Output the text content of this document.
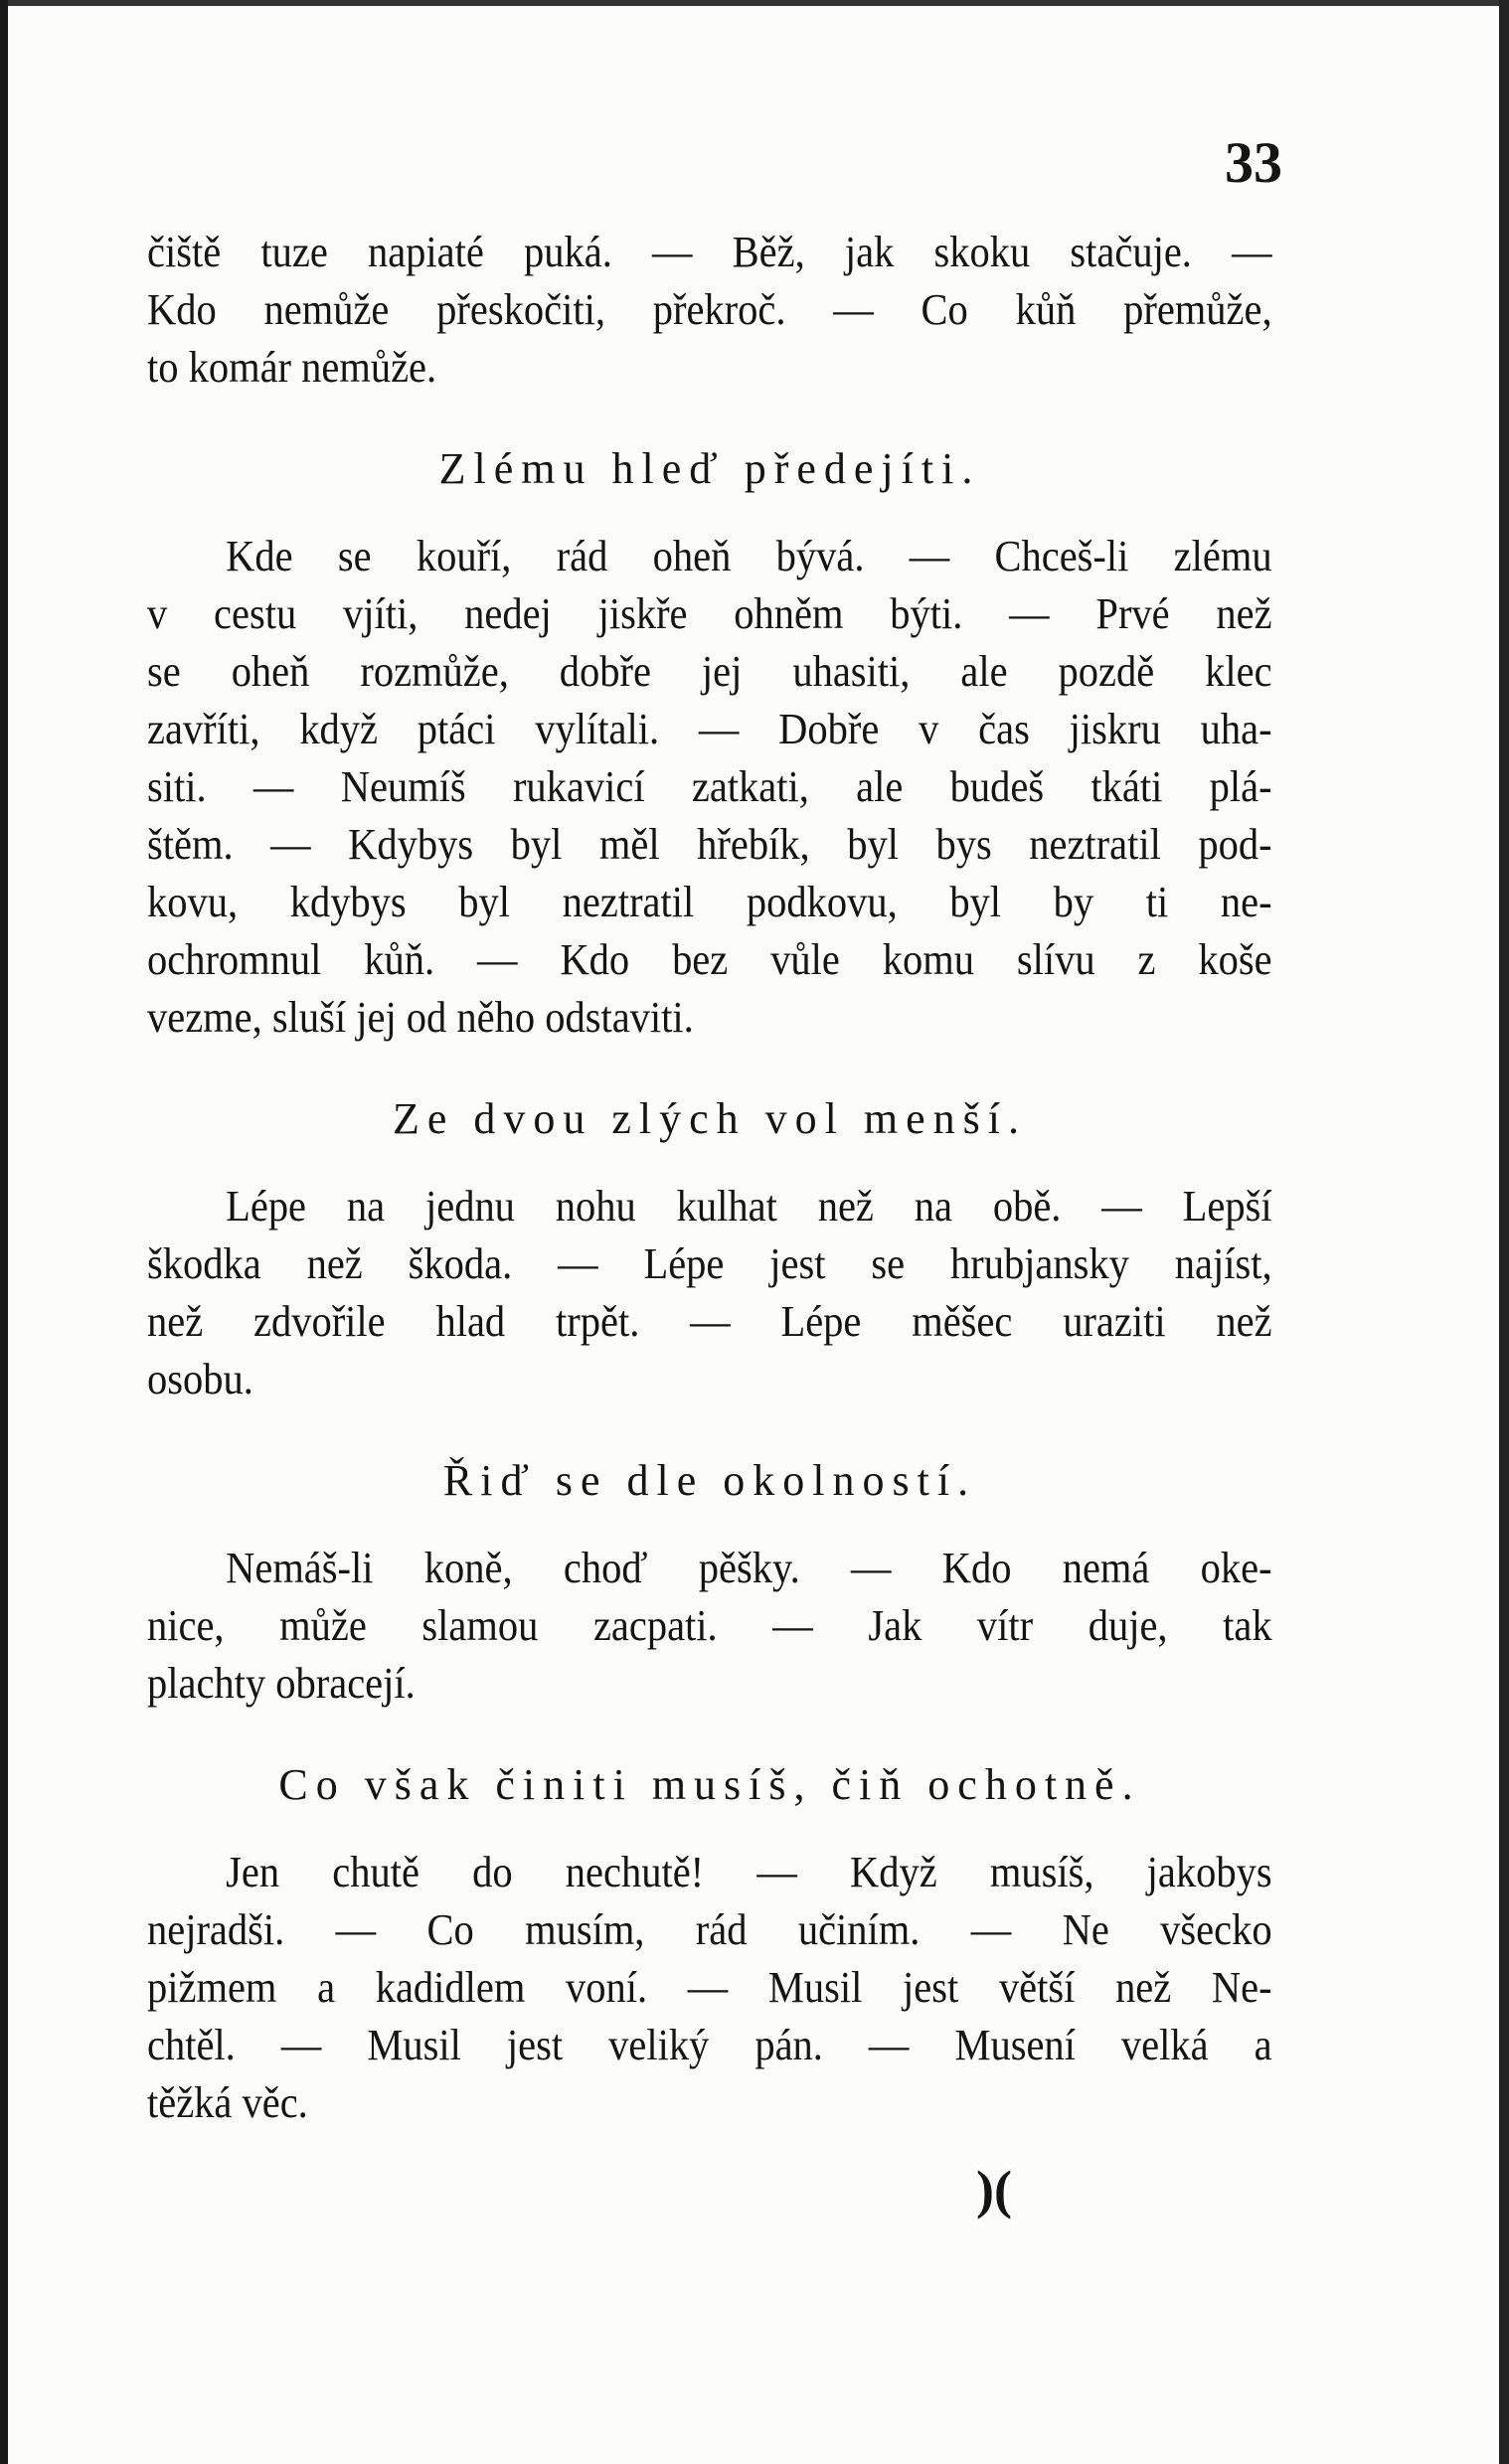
33
čiště tuze napiaté puká. — Běž, jak skoku stačuje. —
Kdo nemůže přeskočiti, překroč. — Co kůň přemůže,
to komár nemůže.
Zlému hleď předejíti.
Kde se kouří, rád oheň bývá. — Chceš-li zlému
v cestu vjíti, nedej jiskře ohněm býti. — Prvé než
se oheň rozmůže, dobře jej uhasiti, ale pozdě klec
zavříti, když ptáci vylítali. — Dobře v čas jiskru uha-
siti. — Neumíš rukavicí zatkati, ale budeš tkáti plá-
štěm. — Kdybys byl měl hřebík, byl bys neztratil pod-
kovu, kdybys byl neztratil podkovu, byl by ti ne-
ochromnul kůň. — Kdo bez vůle komu slívu z koše
vezme, sluší jej od něho odstaviti.
Ze dvou zlých vol menší.
Lépe na jednu nohu kulhat než na obě. — Lepší
škodka než škoda. — Lépe jest se hrubjansky najíst,
než zdvořile hlad trpět. — Lépe měšec uraziti než
osobu.
Řiď se dle okolností.
Nemáš-li koně, choď pěšky. — Kdo nemá oke-
nice, může slamou zacpati. — Jak vítr duje, tak
plachty obracejí.
Co však činiti musíš, čiň ochotně.
Jen chutě do nechutě! — Když musíš, jakobys
nejradši. — Co musím, rád učiním. — Ne všecko
pižmem a kadidlem voní. — Musil jest větší než Ne-
chtěl. — Musil jest veliký pán. — Musení velká a
těžká věc.
)(
